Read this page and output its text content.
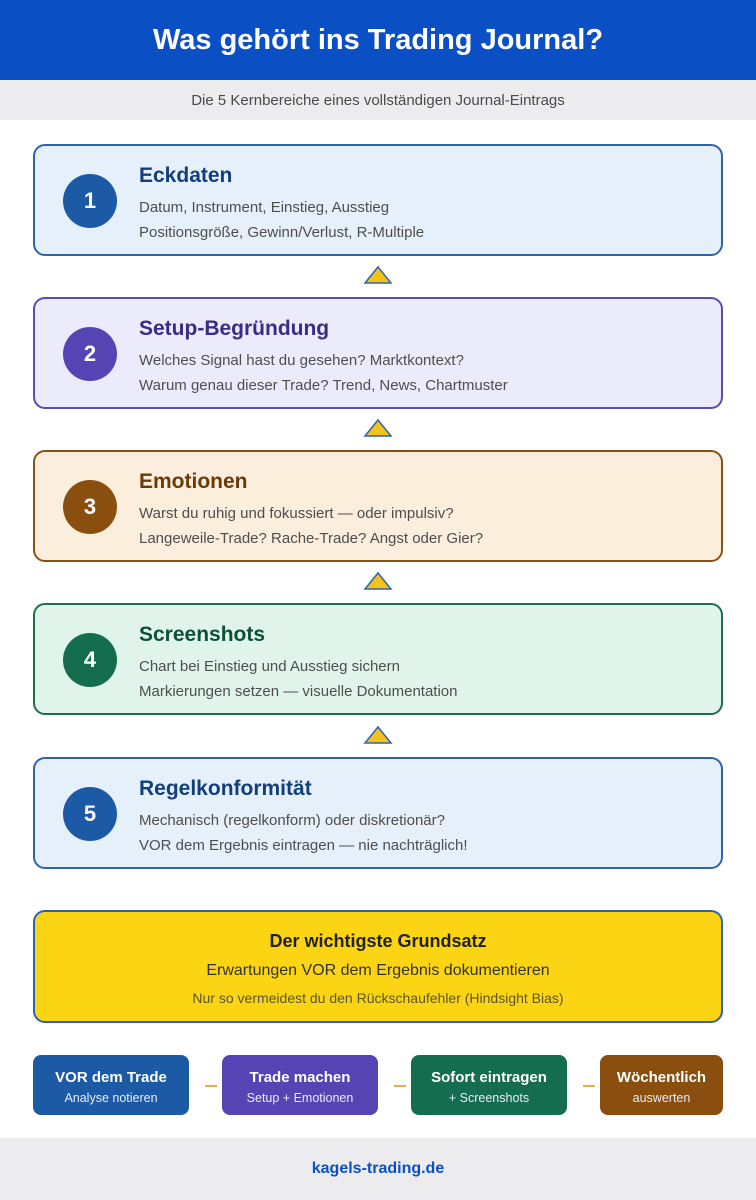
Was gehört ins Trading Journal?
Die 5 Kernbereiche eines vollständigen Journal-Eintrags
1
Eckdaten
Datum, Instrument, Einstieg, Ausstieg
Positionsgröße, Gewinn/Verlust, R-Multiple
2
Setup-Begründung
Welches Signal hast du gesehen? Marktkontext?
Warum genau dieser Trade? Trend, News, Chartmuster
3
Emotionen
Warst du ruhig und fokussiert — oder impulsiv?
Langeweile-Trade? Rache-Trade? Angst oder Gier?
4
Screenshots
Chart bei Einstieg und Ausstieg sichern
Markierungen setzen — visuelle Dokumentation
5
Regelkonformität
Mechanisch (regelkonform) oder diskretionär?
VOR dem Ergebnis eintragen — nie nachträglich!
Der wichtigste Grundsatz
Erwartungen VOR dem Ergebnis dokumentieren
Nur so vermeidest du den Rückschaufehler (Hindsight Bias)
VOR dem Trade
Analyse notieren
Trade machen
Setup + Emotionen
Sofort eintragen
+ Screenshots
Wöchentlich
auswerten
kagels-trading.de
